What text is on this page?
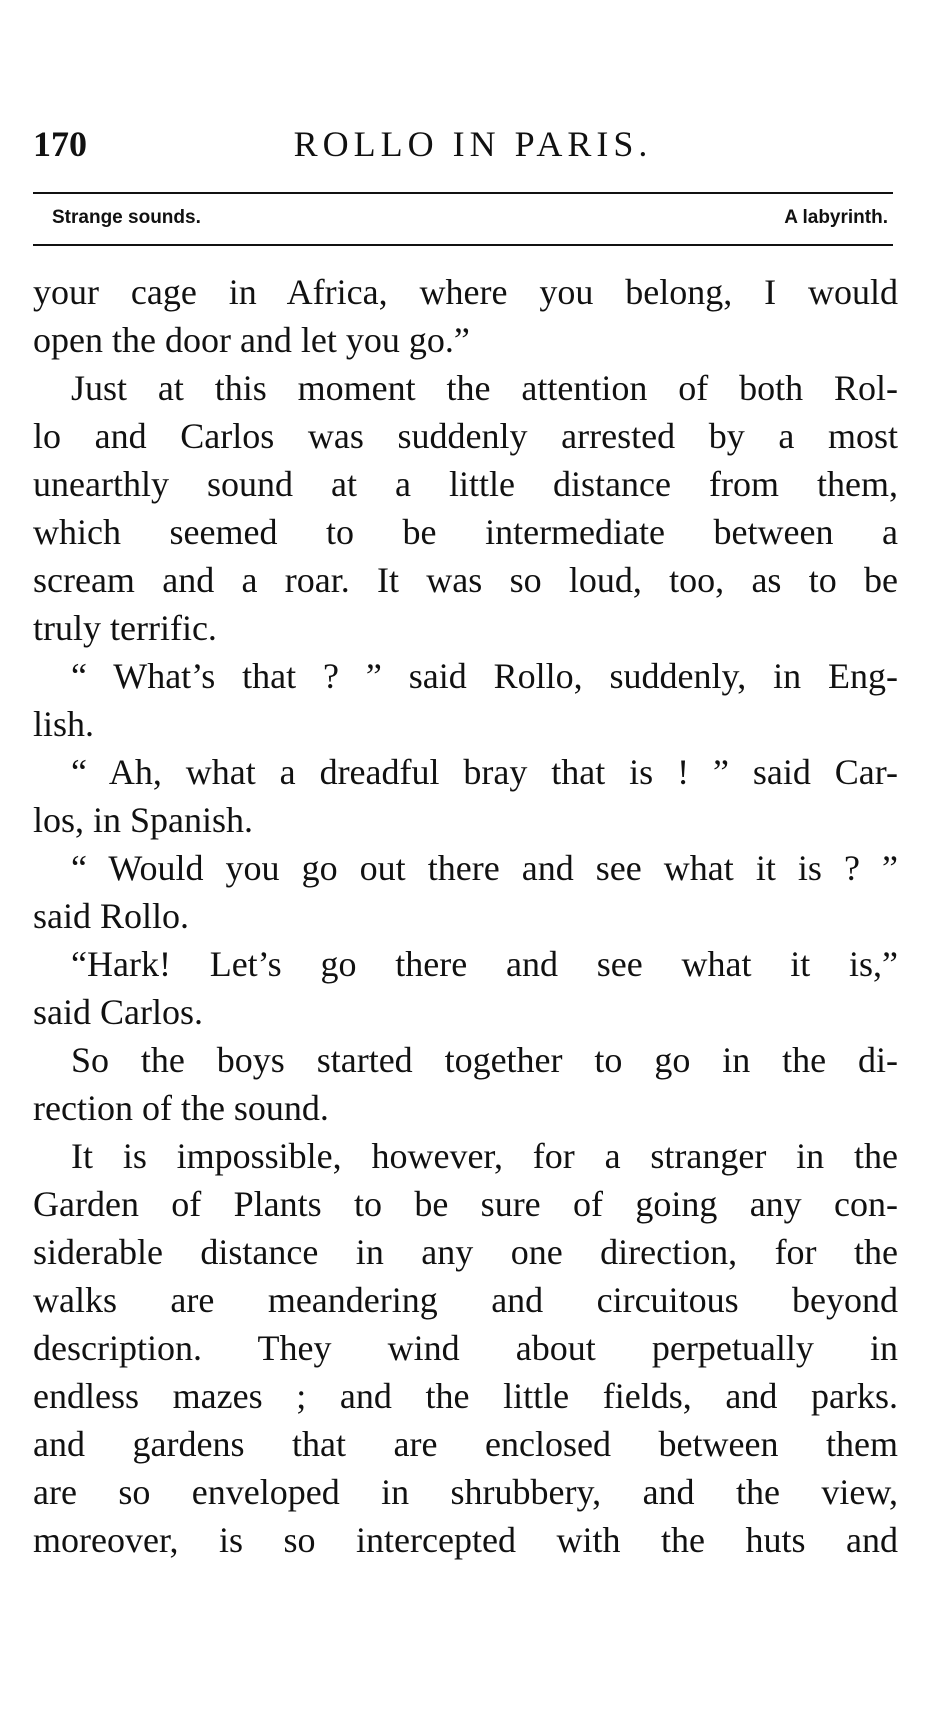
170	ROLLO IN PARIS.
Strange sounds.	A labyrinth.
your cage in Africa, where you belong, I would
open the door and let you go.”
Just at this moment the attention of both Rol-
lo and Carlos was suddenly arrested by a most
unearthly sound at a little distance from them,
which seemed to be intermediate between a
scream and a roar. It was so loud, too, as to be
truly terrific.
“ What’s that ? ” said Rollo, suddenly, in Eng-
lish.
“ Ah, what a dreadful bray that is ! ” said Car-
los, in Spanish.
“ Would you go out there and see what it is ? ”
said Rollo.
“Hark! Let’s go there and see what it is,”
said Carlos.
So the boys started together to go in the di-
rection of the sound.
It is impossible, however, for a stranger in the
Garden of Plants to be sure of going any con-
siderable distance in any one direction, for the
walks are meandering and circuitous beyond
description. They wind about perpetually in
endless mazes ; and the little fields, and parks.
and gardens that are enclosed between them
are so enveloped in shrubbery, and the view,
moreover, is so intercepted with the huts and
